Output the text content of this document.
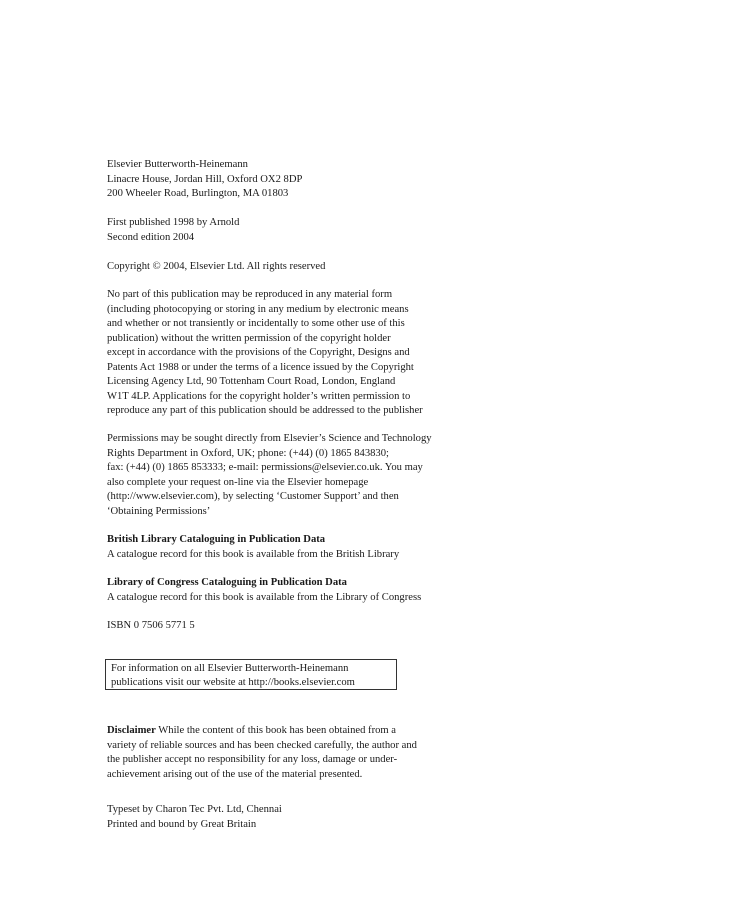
Elsevier Butterworth-Heinemann
Linacre House, Jordan Hill, Oxford OX2 8DP
200 Wheeler Road, Burlington, MA 01803
First published 1998 by Arnold
Second edition 2004
Copyright © 2004, Elsevier Ltd. All rights reserved
No part of this publication may be reproduced in any material form
(including photocopying or storing in any medium by electronic means
and whether or not transiently or incidentally to some other use of this
publication) without the written permission of the copyright holder
except in accordance with the provisions of the Copyright, Designs and
Patents Act 1988 or under the terms of a licence issued by the Copyright
Licensing Agency Ltd, 90 Tottenham Court Road, London, England
W1T 4LP. Applications for the copyright holder’s written permission to
reproduce any part of this publication should be addressed to the publisher
Permissions may be sought directly from Elsevier’s Science and Technology
Rights Department in Oxford, UK; phone: (+44) (0) 1865 843830;
fax: (+44) (0) 1865 853333; e-mail: permissions@elsevier.co.uk. You may
also complete your request on-line via the Elsevier homepage
(http://www.elsevier.com), by selecting ‘Customer Support’ and then
‘Obtaining Permissions’
British Library Cataloguing in Publication Data
A catalogue record for this book is available from the British Library
Library of Congress Cataloguing in Publication Data
A catalogue record for this book is available from the Library of Congress
ISBN 0 7506 5771 5
For information on all Elsevier Butterworth-Heinemann
publications visit our website at http://books.elsevier.com
Disclaimer While the content of this book has been obtained from a
variety of reliable sources and has been checked carefully, the author and
the publisher accept no responsibility for any loss, damage or under-
achievement arising out of the use of the material presented.
Typeset by Charon Tec Pvt. Ltd, Chennai
Printed and bound by Great Britain
